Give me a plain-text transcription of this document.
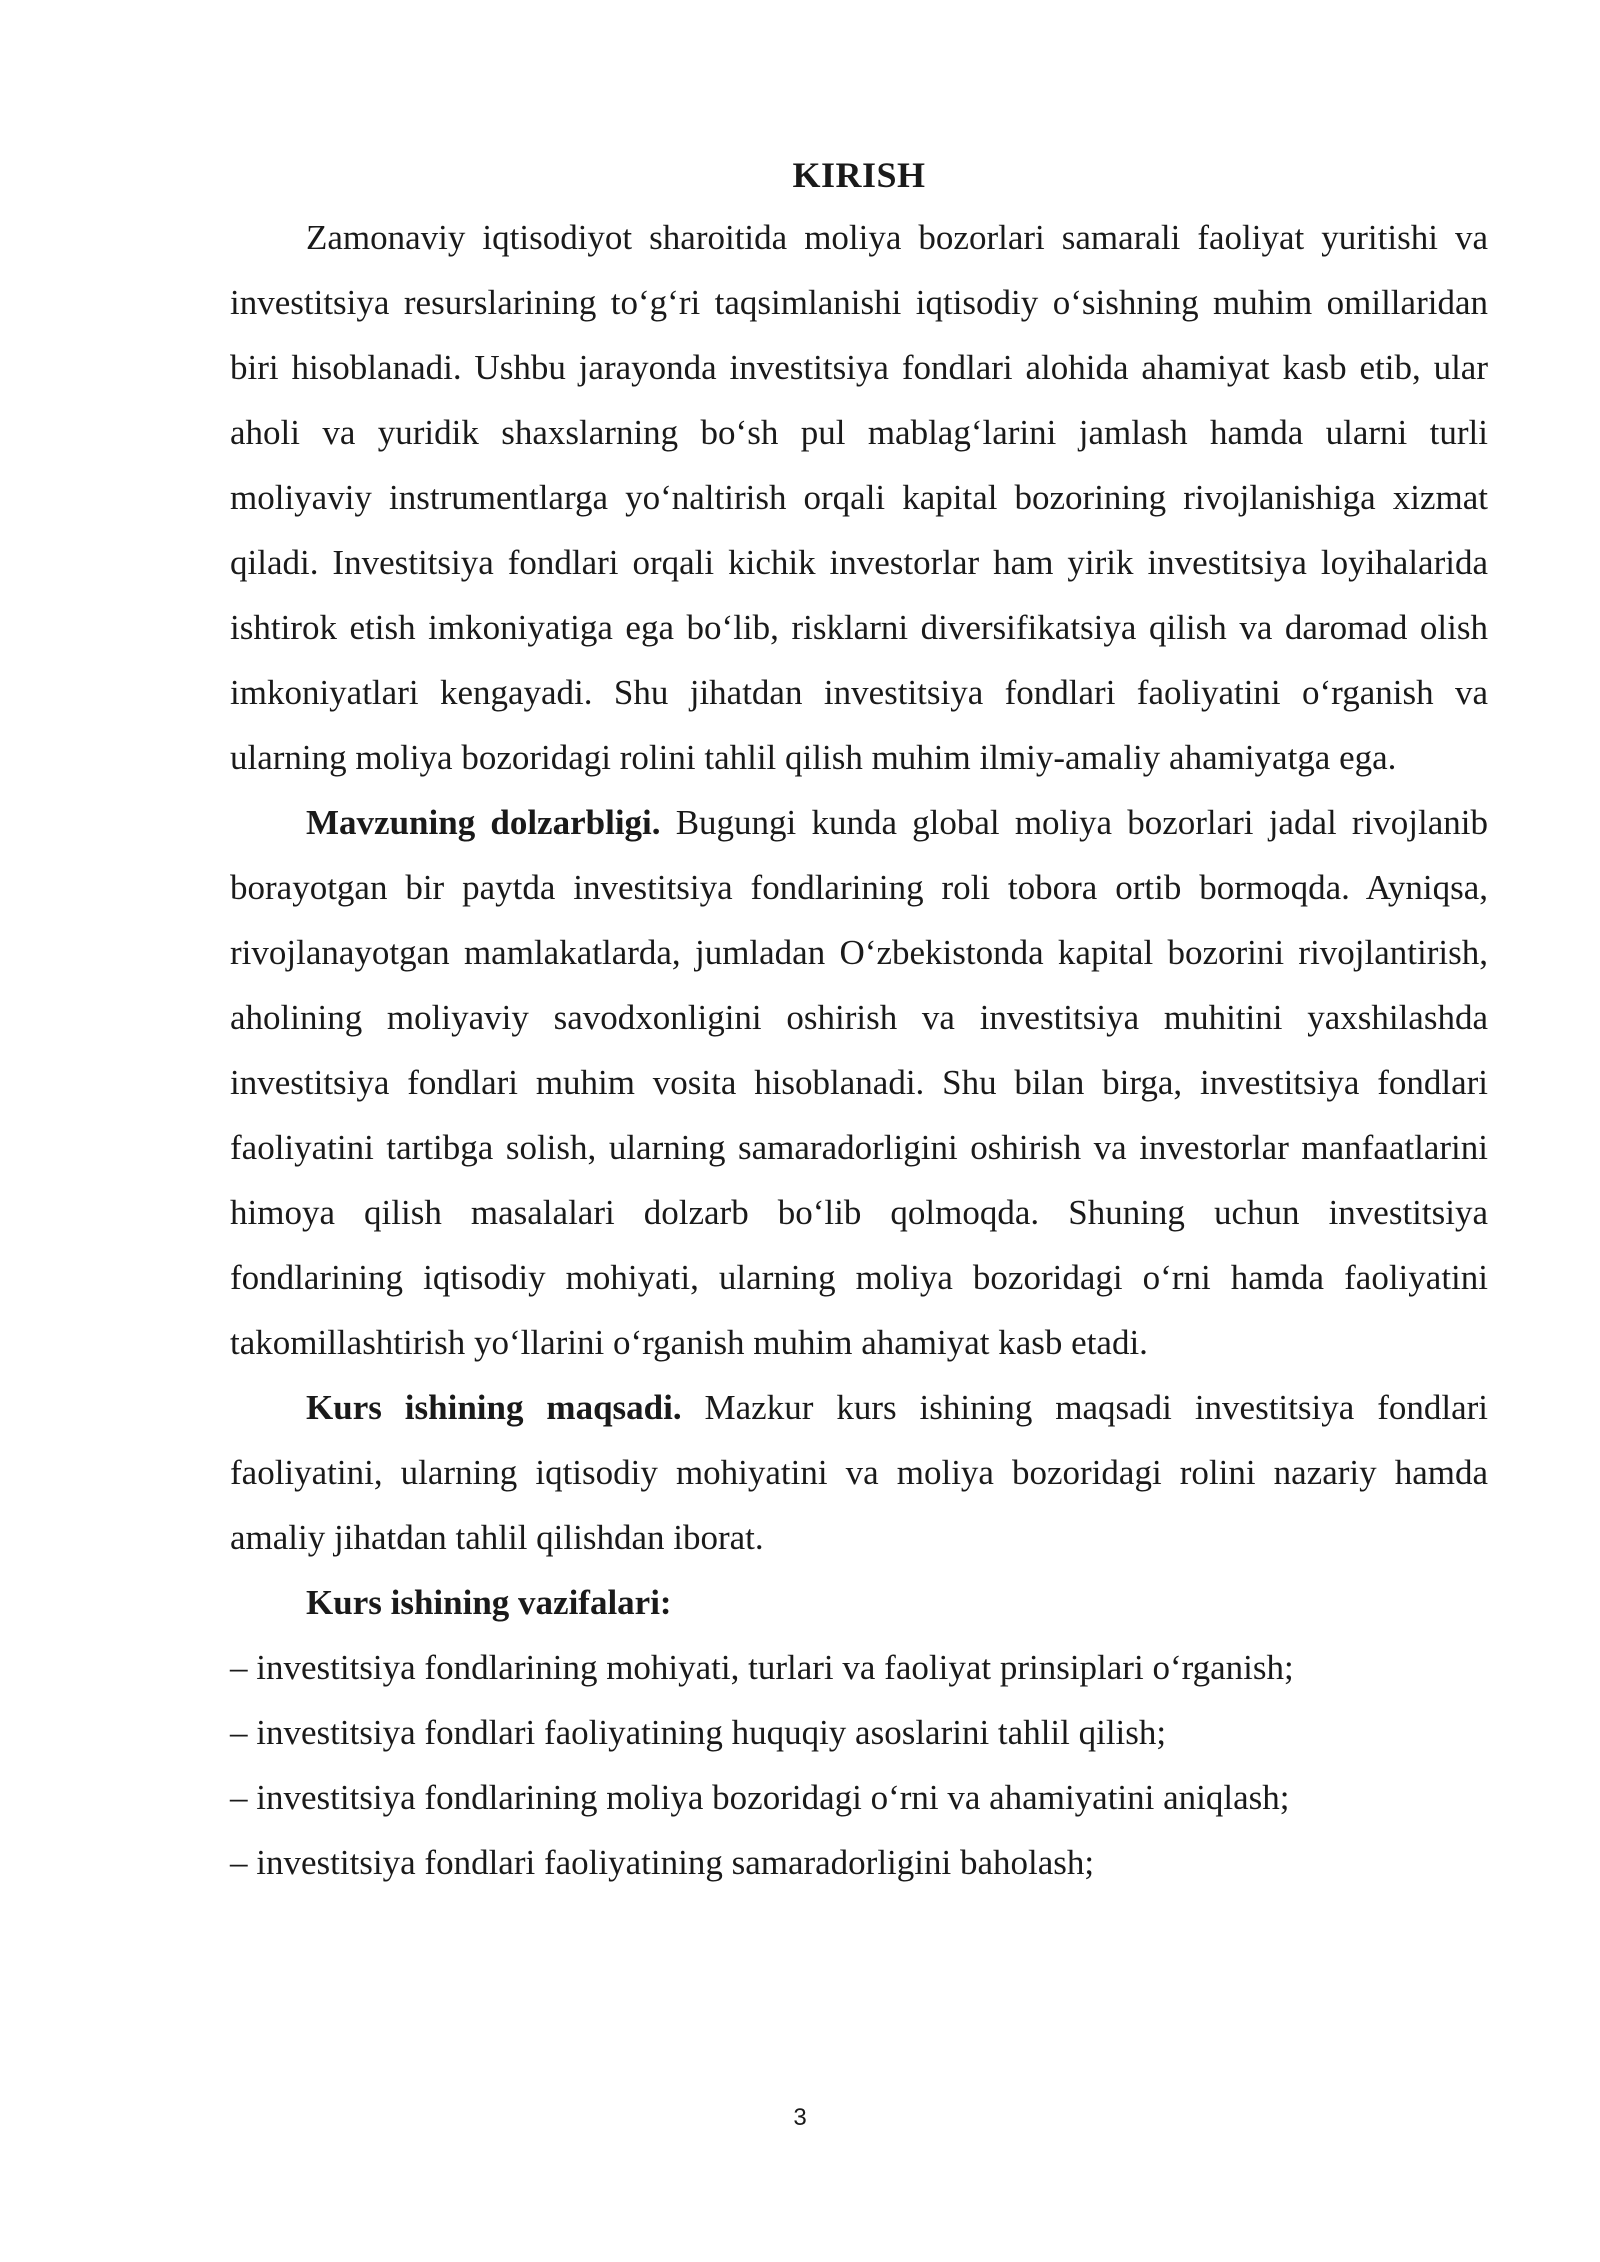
KIRISH

Zamonaviy iqtisodiyot sharoitida moliya bozorlari samarali faoliyat yuritishi va investitsiya resurslarining to‘g‘ri taqsimlanishi iqtisodiy o‘sishning muhim omillaridan biri hisoblanadi. Ushbu jarayonda investitsiya fondlari alohida ahamiyat kasb etib, ular aholi va yuridik shaxslarning bo‘sh pul mablag‘larini jamlash hamda ularni turli moliyaviy instrumentlarga yo‘naltirish orqali kapital bozorining rivojlanishiga xizmat qiladi. Investitsiya fondlari orqali kichik investorlar ham yirik investitsiya loyihalarida ishtirok etish imkoniyatiga ega bo‘lib, risklarni diversifikatsiya qilish va daromad olish imkoniyatlari kengayadi. Shu jihatdan investitsiya fondlari faoliyatini o‘rganish va ularning moliya bozoridagi rolini tahlil qilish muhim ilmiy-amaliy ahamiyatga ega.

Mavzuning dolzarbligi. Bugungi kunda global moliya bozorlari jadal rivojlanib borayotgan bir paytda investitsiya fondlarining roli tobora ortib bormoqda. Ayniqsa, rivojlanayotgan mamlakatlarda, jumladan O‘zbekistonda kapital bozorini rivojlantirish, aholining moliyaviy savodxonligini oshirish va investitsiya muhitini yaxshilashda investitsiya fondlari muhim vosita hisoblanadi. Shu bilan birga, investitsiya fondlari faoliyatini tartibga solish, ularning samaradorligini oshirish va investorlar manfaatlarini himoya qilish masalalari dolzarb bo‘lib qolmoqda. Shuning uchun investitsiya fondlarining iqtisodiy mohiyati, ularning moliya bozoridagi o‘rni hamda faoliyatini takomillashtirish yo‘llarini o‘rganish muhim ahamiyat kasb etadi.

Kurs ishining maqsadi. Mazkur kurs ishining maqsadi investitsiya fondlari faoliyatini, ularning iqtisodiy mohiyatini va moliya bozoridagi rolini nazariy hamda amaliy jihatdan tahlil qilishdan iborat.

Kurs ishining vazifalari:

– investitsiya fondlarining mohiyati, turlari va faoliyat prinsiplari o‘rganish;

– investitsiya fondlari faoliyatining huquqiy asoslarini tahlil qilish;

– investitsiya fondlarining moliya bozoridagi o‘rni va ahamiyatini aniqlash;

– investitsiya fondlari faoliyatining samaradorligini baholash;

3
